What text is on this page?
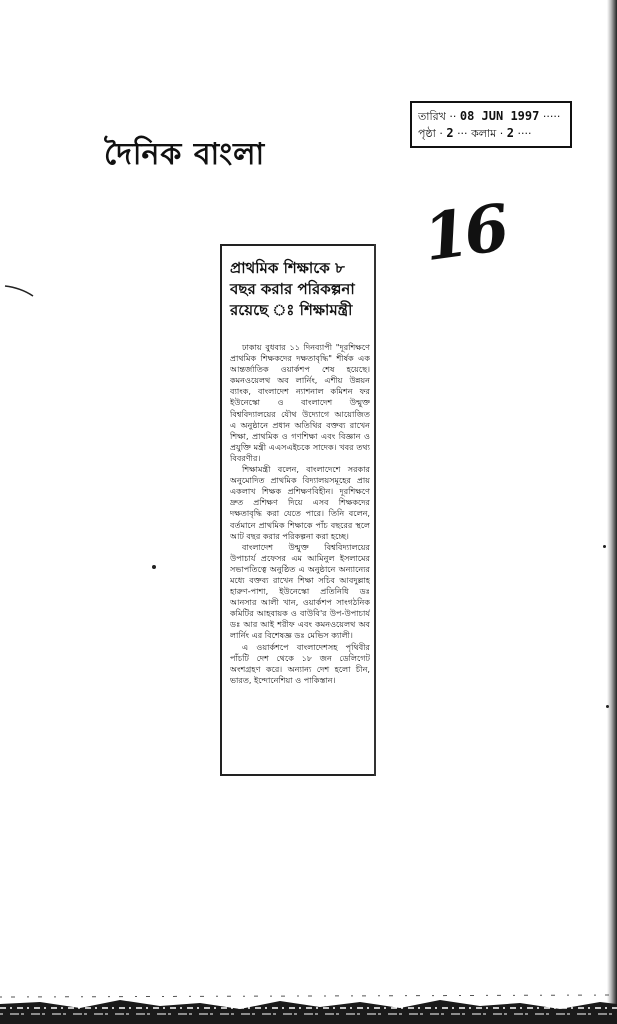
দৈনিক বাংলা
তারিখ ·· 08 JUN 1997 ·····
পৃষ্ঠা · 2 ··· কলাম · 2 ····
16
প্রাথমিক শিক্ষাকে ৮ বছর করার পরিকল্পনা রয়েছে ঃ শিক্ষামন্ত্রী

ঢাকায় বুধবার ১১ দিনব্যাপী "দূরশিক্ষণে প্রাথমিক শিক্ষকদের দক্ষতাবৃদ্ধি" শীর্ষক এক আন্তর্জাতিক ওয়ার্কশপ শেষ হয়েছে। কমনওয়েলথ অব লার্নিং, এশীয় উন্নয়ন ব্যাংক, বাংলাদেশ ন্যাশনাল কমিশন ফর ইউনেস্কো ও বাংলাদেশ উন্মুক্ত বিশ্ববিদ্যালয়ের যৌথ উদ্যোগে আয়োজিত এ অনুষ্ঠানে প্রধান অতিথির বক্তব্য রাখেন শিক্ষা, প্রাথমিক ও গণশিক্ষা এবং বিজ্ঞান ও প্রযুক্তি মন্ত্রী এএসএইচকে সাদেক। খবর তথ্য বিবরণীর।

শিক্ষামন্ত্রী বলেন, বাংলাদেশে সরকার অনুমোদিত প্রাথমিক বিদ্যালয়সমূহের প্রায় একলাখ শিক্ষক প্রশিক্ষণবিহীন। দূরশিক্ষণে দ্রুত প্রশিক্ষণ দিয়ে এসব শিক্ষকদের দক্ষতাবৃদ্ধি করা যেতে পারে। তিনি বলেন, বর্তমানে প্রাথমিক শিক্ষাকে পাঁচ বছরের স্থলে আট বছর করার পরিকল্পনা করা হচ্ছে।

বাংলাদেশ উন্মুক্ত বিশ্ববিদ্যালয়ের উপাচার্য প্রফেসর এম আমিনুল ইসলামের সভাপতিত্বে অনুষ্ঠিত এ অনুষ্ঠানে অন্যান্যের মধ্যে বক্তব্য রাখেন শিক্ষা সচিব আবদুল্লাহ হারুণ-পাশা, ইউনেস্কো প্রতিনিধি ডঃ আনসার আলী খান, ওয়ার্কশপ সাংগঠনিক কমিটির আহবায়ক ও বাউবি'র উপ-উপাচার্য ডঃ আর আই শরীফ এবং কমনওয়েলথ অব লার্নিং এর বিশেষজ্ঞ ডঃ মেভিস ক্যালী।

এ ওয়ার্কশপে বাংলাদেশসহ পৃথিবীর পাঁচটি দেশ থেকে ১৮ জন ডেলিগেট অংশগ্রহণ করে। অন্যান্য দেশ হলো চীন, ভারত, ইন্দোনেশিয়া ও পাকিস্তান।
